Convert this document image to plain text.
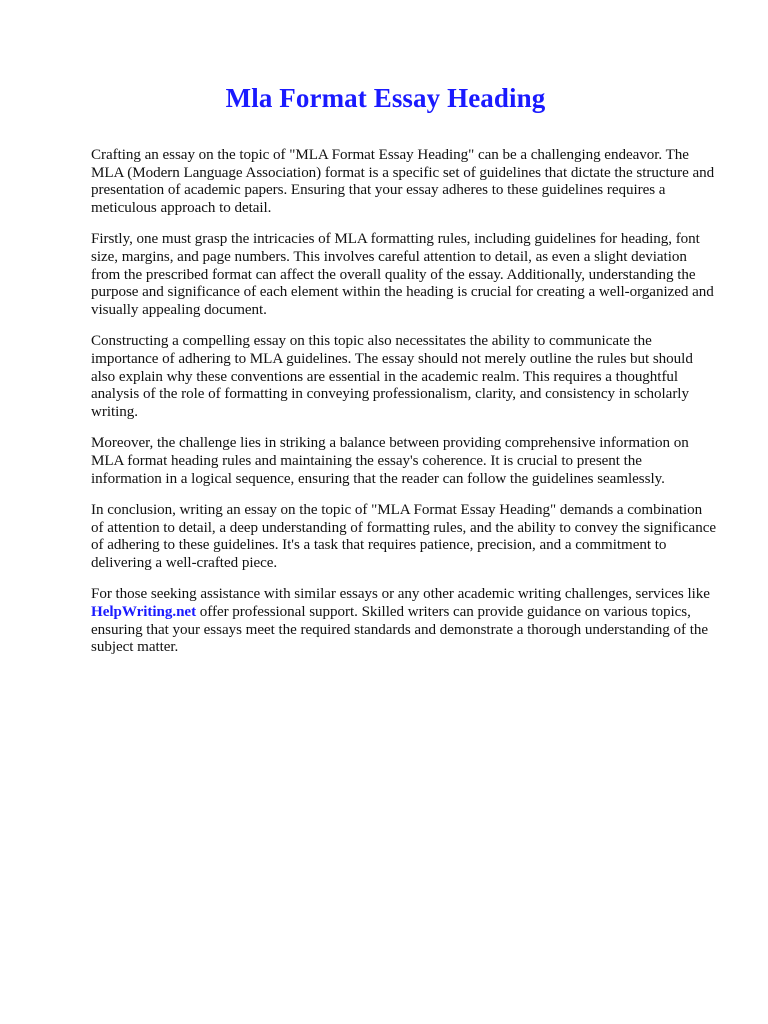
Mla Format Essay Heading

Crafting an essay on the topic of "MLA Format Essay Heading" can be a challenging endeavor. The MLA (Modern Language Association) format is a specific set of guidelines that dictate the structure and presentation of academic papers. Ensuring that your essay adheres to these guidelines requires a meticulous approach to detail.

Firstly, one must grasp the intricacies of MLA formatting rules, including guidelines for heading, font size, margins, and page numbers. This involves careful attention to detail, as even a slight deviation from the prescribed format can affect the overall quality of the essay. Additionally, understanding the purpose and significance of each element within the heading is crucial for creating a well-organized and visually appealing document.

Constructing a compelling essay on this topic also necessitates the ability to communicate the importance of adhering to MLA guidelines. The essay should not merely outline the rules but should also explain why these conventions are essential in the academic realm. This requires a thoughtful analysis of the role of formatting in conveying professionalism, clarity, and consistency in scholarly writing.

Moreover, the challenge lies in striking a balance between providing comprehensive information on MLA format heading rules and maintaining the essay's coherence. It is crucial to present the information in a logical sequence, ensuring that the reader can follow the guidelines seamlessly.

In conclusion, writing an essay on the topic of "MLA Format Essay Heading" demands a combination of attention to detail, a deep understanding of formatting rules, and the ability to convey the significance of adhering to these guidelines. It's a task that requires patience, precision, and a commitment to delivering a well-crafted piece.

For those seeking assistance with similar essays or any other academic writing challenges, services like HelpWriting.net offer professional support. Skilled writers can provide guidance on various topics, ensuring that your essays meet the required standards and demonstrate a thorough understanding of the subject matter.
